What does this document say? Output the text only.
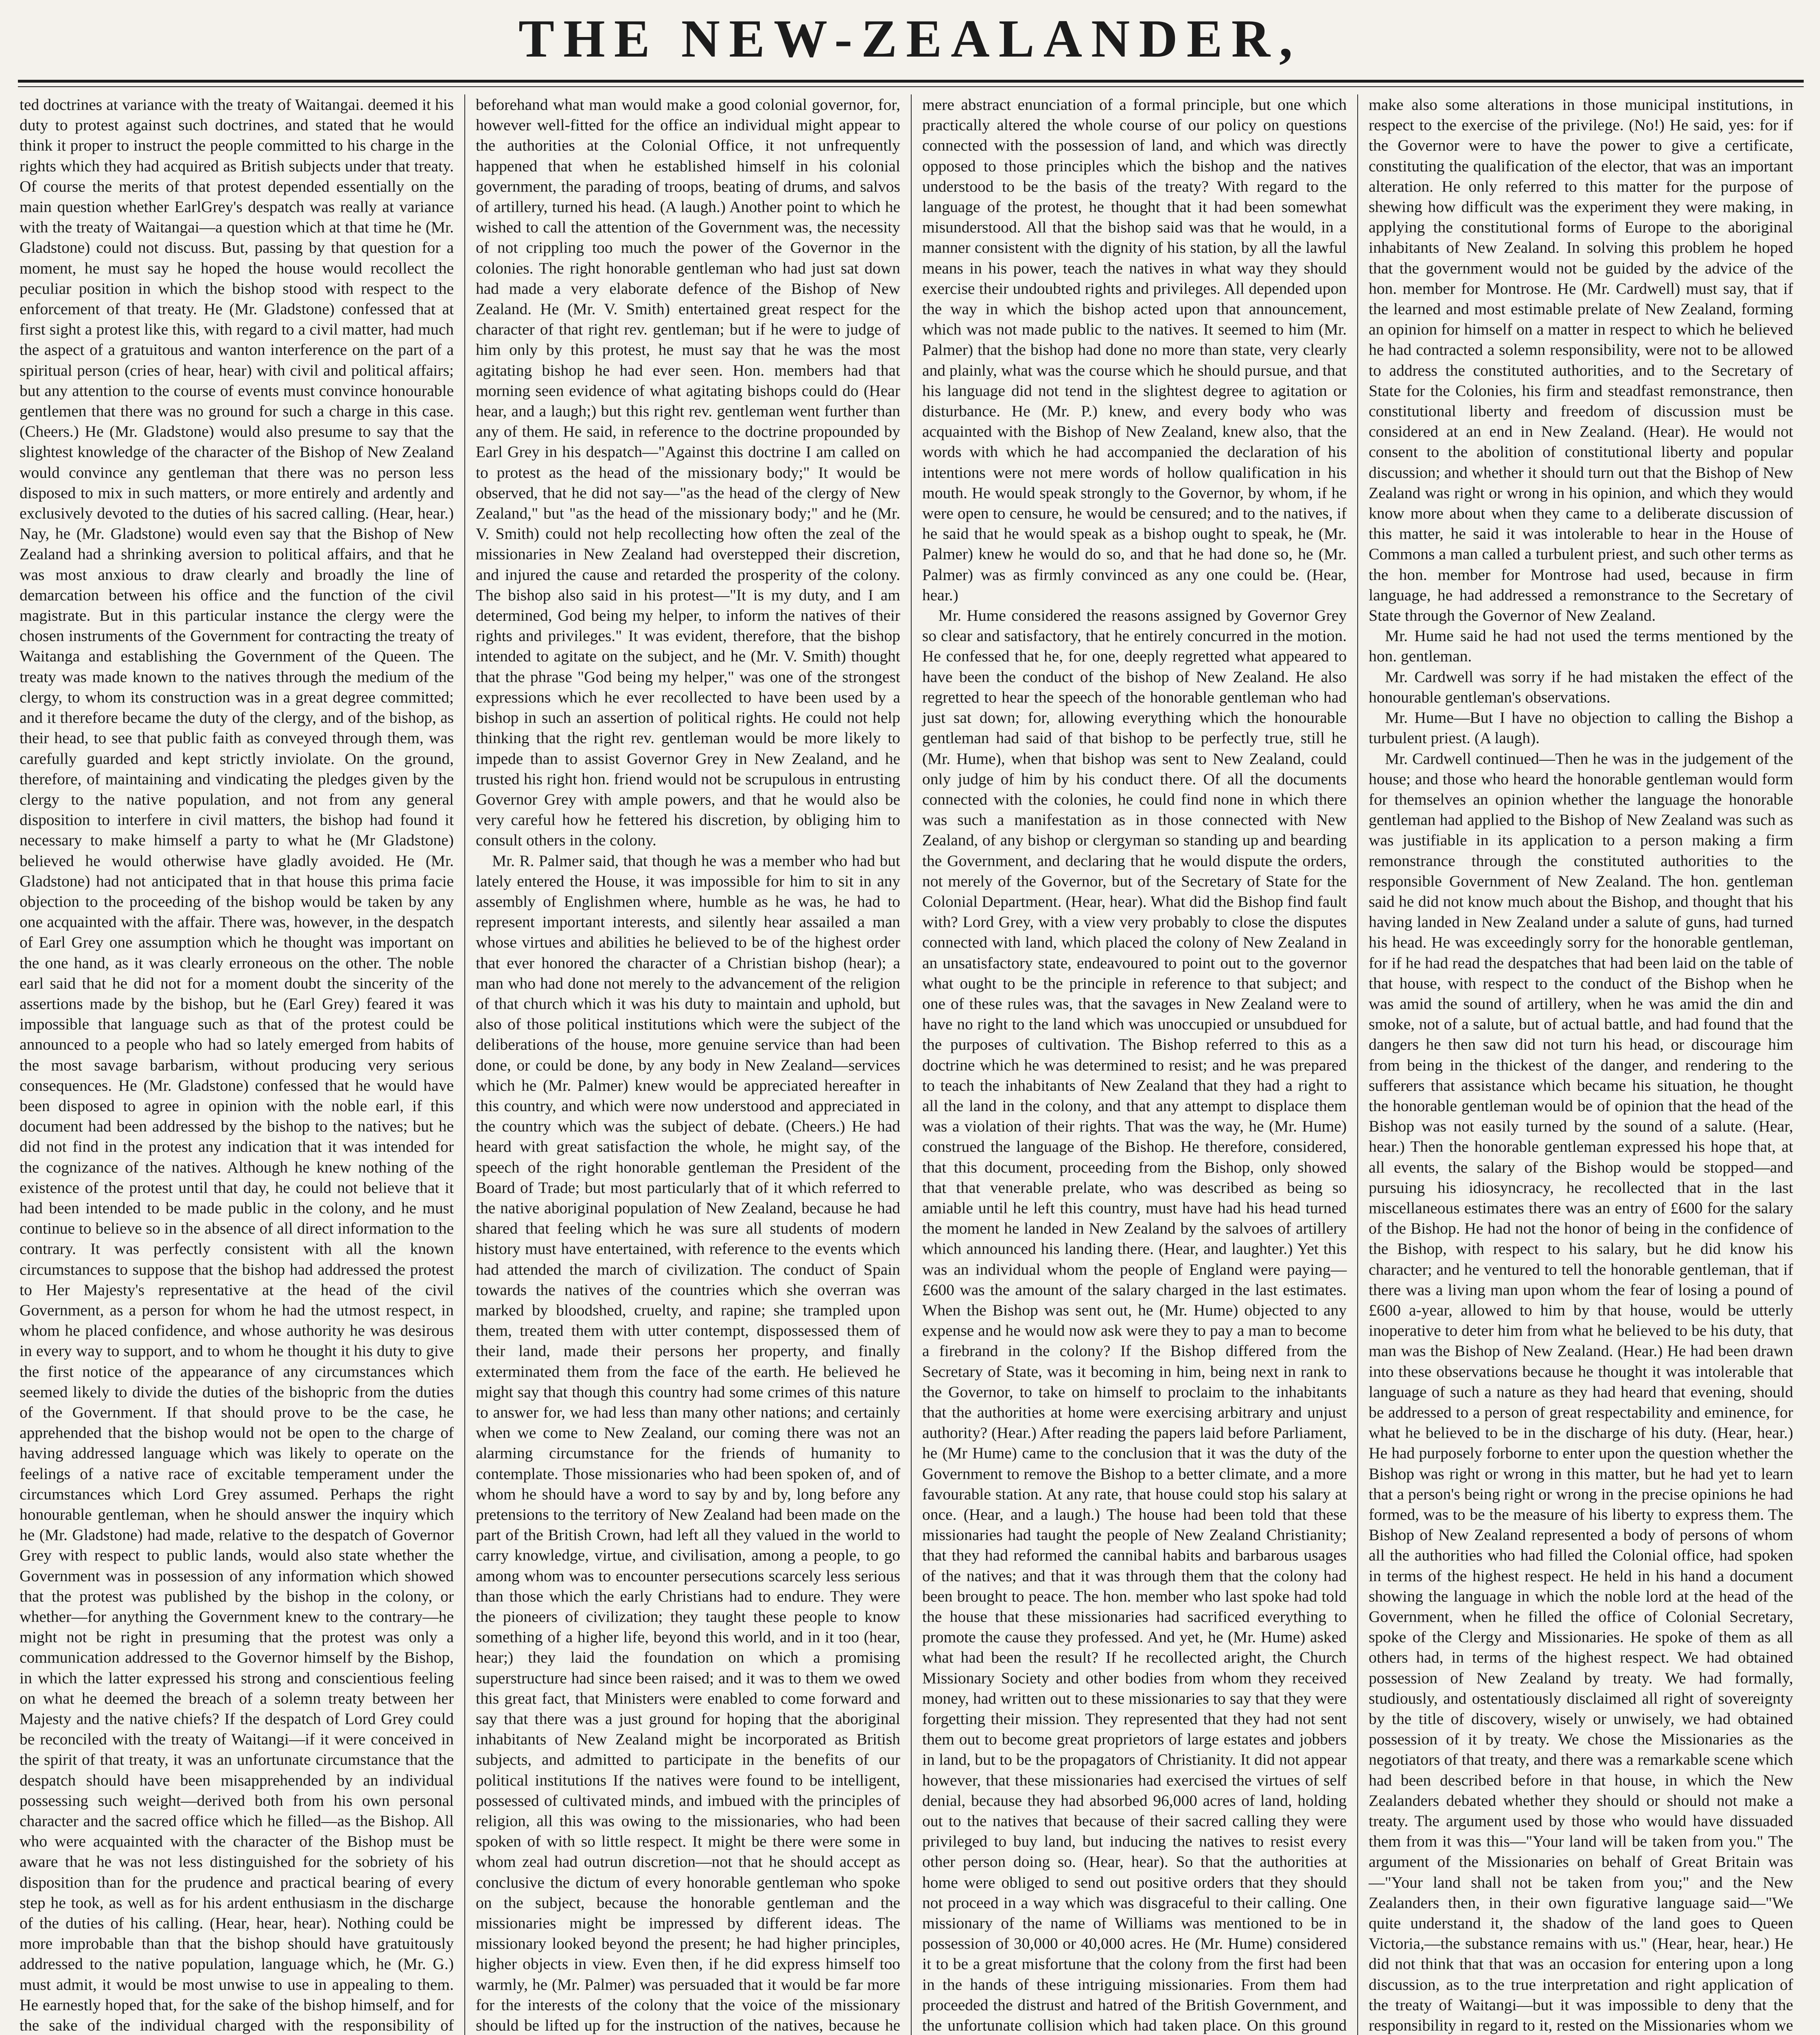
THE NEW-ZEALANDER,

ted doctrines at variance with the treaty of Waitangai. deemed it his duty to protest against such doctrines, and stated that he would think it proper to instruct the people committed to his charge in the rights which they had acquired as British subjects under that treaty. Of course the merits of that protest depended essentially on the main question whether EarlGrey's despatch was really at variance with the treaty of Waitangai—a question which at that time he (Mr. Gladstone) could not discuss. But, passing by that question for a moment, he must say he hoped the house would recollect the peculiar position in which the bishop stood with respect to the enforcement of that treaty. He (Mr. Gladstone) confessed that at first sight a protest like this, with regard to a civil matter, had much the aspect of a gratuitous and wanton interference on the part of a spiritual person (cries of hear, hear) with civil and political affairs; but any attention to the course of events must convince honourable gentlemen that there was no ground for such a charge in this case. (Cheers.) He (Mr. Gladstone) would also presume to say that the slightest knowledge of the character of the Bishop of New Zealand would convince any gentleman that there was no person less disposed to mix in such matters, or more entirely and ardently and exclusively devoted to the duties of his sacred calling. (Hear, hear.) Nay, he (Mr. Gladstone) would even say that the Bishop of New Zealand had a shrinking aversion to political affairs, and that he was most anxious to draw clearly and broadly the line of demarcation between his office and the function of the civil magistrate. But in this particular instance the clergy were the chosen instruments of the Government for contracting the treaty of Waitanga and establishing the Government of the Queen. The treaty was made known to the natives through the medium of the clergy, to whom its construction was in a great degree committed; and it therefore became the duty of the clergy, and of the bishop, as their head, to see that public faith as conveyed through them, was carefully guarded and kept strictly inviolate. On the ground, therefore, of maintaining and vindicating the pledges given by the clergy to the native population, and not from any general disposition to interfere in civil matters, the bishop had found it necessary to make himself a party to what he (Mr Gladstone) believed he would otherwise have gladly avoided. He (Mr. Gladstone) had not anticipated that in that house this prima facie objection to the proceeding of the bishop would be taken by any one acquainted with the affair. There was, however, in the despatch of Earl Grey one assumption which he thought was important on the one hand, as it was clearly erroneous on the other. The noble earl said that he did not for a moment doubt the sincerity of the assertions made by the bishop, but he (Earl Grey) feared it was impossible that language such as that of the protest could be announced to a people who had so lately emerged from habits of the most savage barbarism, without producing very serious consequences. He (Mr. Gladstone) confessed that he would have been disposed to agree in opinion with the noble earl, if this document had been addressed by the bishop to the natives; but he did not find in the protest any indication that it was intended for the cognizance of the natives. Although he knew nothing of the existence of the protest until that day, he could not believe that it had been intended to be made public in the colony, and he must continue to believe so in the absence of all direct information to the contrary. It was perfectly consistent with all the known circumstances to suppose that the bishop had addressed the protest to Her Majesty's representative at the head of the civil Government, as a person for whom he had the utmost respect, in whom he placed confidence, and whose authority he was desirous in every way to support, and to whom he thought it his duty to give the first notice of the appearance of any circumstances which seemed likely to divide the duties of the bishopric from the duties of the Government. If that should prove to be the case, he apprehended that the bishop would not be open to the charge of having addressed language which was likely to operate on the feelings of a native race of excitable temperament under the circumstances which Lord Grey assumed. Perhaps the right honourable gentleman, when he should answer the inquiry which he (Mr. Gladstone) had made, relative to the despatch of Governor Grey with respect to public lands, would also state whether the Government was in possession of any information which showed that the protest was published by the bishop in the colony, or whether—for anything the Government knew to the contrary—he might not be right in presuming that the protest was only a communication addressed to the Governor himself by the Bishop, in which the latter expressed his strong and conscientious feeling on what he deemed the breach of a solemn treaty between her Majesty and the native chiefs? If the despatch of Lord Grey could be reconciled with the treaty of Waitangi—if it were conceived in the spirit of that treaty, it was an unfortunate circumstance that the despatch should have been misapprehended by an individual possessing such weight—derived both from his own personal character and the sacred office which he filled—as the Bishop. All who were acquainted with the character of the Bishop must be aware that he was not less distinguished for the sobriety of his disposition than for the prudence and practical bearing of every step he took, as well as for his ardent enthusiasm in the discharge of the duties of his calling. (Hear, hear, hear). Nothing could be more improbable than that the bishop should have gratuitously addressed to the native population, language which, he (Mr. G.) must admit, it would be most unwise to use in appealing to them. He earnestly hoped that, for the sake of the bishop himself, and for the sake of the individual charged with the responsibility of

beforehand what man would make a good colonial governor, for, however well-fitted for the office an individual might appear to the authorities at the Colonial Office, it not unfrequently happened that when he established himself in his colonial government, the parading of troops, beating of drums, and salvos of artillery, turned his head. (A laugh.) Another point to which he wished to call the attention of the Government was, the necessity of not crippling too much the power of the Governor in the colonies. The right honorable gentleman who had just sat down had made a very elaborate defence of the Bishop of New Zealand. He (Mr. V. Smith) entertained great respect for the character of that right rev. gentleman; but if he were to judge of him only by this protest, he must say that he was the most agitating bishop he had ever seen. Hon. members had that morning seen evidence of what agitating bishops could do (Hear hear, and a laugh;) but this right rev. gentleman went further than any of them. He said, in reference to the doctrine propounded by Earl Grey in his despatch—"Against this doctrine I am called on to protest as the head of the missionary body;" It would be observed, that he did not say—"as the head of the clergy of New Zealand," but "as the head of the missionary body;" and he (Mr. V. Smith) could not help recollecting how often the zeal of the missionaries in New Zealand had overstepped their discretion, and injured the cause and retarded the prosperity of the colony. The bishop also said in his protest—"It is my duty, and I am determined, God being my helper, to inform the natives of their rights and privileges." It was evident, therefore, that the bishop intended to agitate on the subject, and he (Mr. V. Smith) thought that the phrase "God being my helper," was one of the strongest expressions which he ever recollected to have been used by a bishop in such an assertion of political rights. He could not help thinking that the right rev. gentleman would be more likely to impede than to assist Governor Grey in New Zealand, and he trusted his right hon. friend would not be scrupulous in entrusting Governor Grey with ample powers, and that he would also be very careful how he fettered his discretion, by obliging him to consult others in the colony.

Mr. R. Palmer said, that though he was a member who had but lately entered the House, it was impossible for him to sit in any assembly of Englishmen where, humble as he was, he had to represent important interests, and silently hear assailed a man whose virtues and abilities he believed to be of the highest order that ever honored the character of a Christian bishop (hear); a man who had done not merely to the advancement of the religion of that church which it was his duty to maintain and uphold, but also of those political institutions which were the subject of the deliberations of the house, more genuine service than had been done, or could be done, by any body in New Zealand—services which he (Mr. Palmer) knew would be appreciated hereafter in this country, and which were now understood and appreciated in the country which was the subject of debate. (Cheers.) He had heard with great satisfaction the whole, he might say, of the speech of the right honorable gentleman the President of the Board of Trade; but most particularly that of it which referred to the native aboriginal population of New Zealand, because he had shared that feeling which he was sure all students of modern history must have entertained, with reference to the events which had attended the march of civilization. The conduct of Spain towards the natives of the countries which she overran was marked by bloodshed, cruelty, and rapine; she trampled upon them, treated them with utter contempt, dispossessed them of their land, made their persons her property, and finally exterminated them from the face of the earth. He believed he might say that though this country had some crimes of this nature to answer for, we had less than many other nations; and certainly when we come to New Zealand, our coming there was not an alarming circumstance for the friends of humanity to contemplate. Those missionaries who had been spoken of, and of whom he should have a word to say by and by, long before any pretensions to the territory of New Zealand had been made on the part of the British Crown, had left all they valued in the world to carry knowledge, virtue, and civilisation, among a people, to go among whom was to encounter persecutions scarcely less serious than those which the early Christians had to endure. They were the pioneers of civilization; they taught these people to know something of a higher life, beyond this world, and in it too (hear, hear;) they laid the foundation on which a promising superstructure had since been raised; and it was to them we owed this great fact, that Ministers were enabled to come forward and say that there was a just ground for hoping that the aboriginal inhabitants of New Zealand might be incorporated as British subjects, and admitted to participate in the benefits of our political institutions If the natives were found to be intelligent, possessed of cultivated minds, and imbued with the principles of religion, all this was owing to the missionaries, who had been spoken of with so little respect. It might be there were some in whom zeal had outrun discretion—not that he should accept as conclusive the dictum of every honorable gentleman who spoke on the subject, because the honorable gentleman and the missionaries might be impressed by different ideas. The missionary looked beyond the present; he had higher principles, higher objects in view. Even then, if he did express himself too warmly, he (Mr. Palmer) was persuaded that it would be far more for the interests of the colony that the voice of the missionary should be lifted up for the instruction of the natives, because he

mere abstract enunciation of a formal principle, but one which practically altered the whole course of our policy on questions connected with the possession of land, and which was directly opposed to those principles which the bishop and the natives understood to be the basis of the treaty? With regard to the language of the protest, he thought that it had been somewhat misunderstood. All that the bishop said was that he would, in a manner consistent with the dignity of his station, by all the lawful means in his power, teach the natives in what way they should exercise their undoubted rights and privileges. All depended upon the way in which the bishop acted upon that announcement, which was not made public to the natives. It seemed to him (Mr. Palmer) that the bishop had done no more than state, very clearly and plainly, what was the course which he should pursue, and that his language did not tend in the slightest degree to agitation or disturbance. He (Mr. P.) knew, and every body who was acquainted with the Bishop of New Zealand, knew also, that the words with which he had accompanied the declaration of his intentions were not mere words of hollow qualification in his mouth. He would speak strongly to the Governor, by whom, if he were open to censure, he would be censured; and to the natives, if he said that he would speak as a bishop ought to speak, he (Mr. Palmer) knew he would do so, and that he had done so, he (Mr. Palmer) was as firmly convinced as any one could be. (Hear, hear.)

Mr. Hume considered the reasons assigned by Governor Grey so clear and satisfactory, that he entirely concurred in the motion. He confessed that he, for one, deeply regretted what appeared to have been the conduct of the bishop of New Zealand. He also regretted to hear the speech of the honorable gentleman who had just sat down; for, allowing everything which the honourable gentleman had said of that bishop to be perfectly true, still he (Mr. Hume), when that bishop was sent to New Zealand, could only judge of him by his conduct there. Of all the documents connected with the colonies, he could find none in which there was such a manifestation as in those connected with New Zealand, of any bishop or clergyman so standing up and bearding the Government, and declaring that he would dispute the orders, not merely of the Governor, but of the Secretary of State for the Colonial Department. (Hear, hear). What did the Bishop find fault with? Lord Grey, with a view very probably to close the disputes connected with land, which placed the colony of New Zealand in an unsatisfactory state, endeavoured to point out to the governor what ought to be the principle in reference to that subject; and one of these rules was, that the savages in New Zealand were to have no right to the land which was unoccupied or unsubdued for the purposes of cultivation. The Bishop referred to this as a doctrine which he was determined to resist; and he was prepared to teach the inhabitants of New Zealand that they had a right to all the land in the colony, and that any attempt to displace them was a violation of their rights. That was the way, he (Mr. Hume) construed the language of the Bishop. He therefore, considered, that this document, proceeding from the Bishop, only showed that that venerable prelate, who was described as being so amiable until he left this country, must have had his head turned the moment he landed in New Zealand by the salvoes of artillery which announced his landing there. (Hear, and laughter.) Yet this was an individual whom the people of England were paying—£600 was the amount of the salary charged in the last estimates. When the Bishop was sent out, he (Mr. Hume) objected to any expense and he would now ask were they to pay a man to become a firebrand in the colony? If the Bishop differed from the Secretary of State, was it becoming in him, being next in rank to the Governor, to take on himself to proclaim to the inhabitants that the authorities at home were exercising arbitrary and unjust authority? (Hear.) After reading the papers laid before Parliament, he (Mr Hume) came to the conclusion that it was the duty of the Government to remove the Bishop to a better climate, and a more favourable station. At any rate, that house could stop his salary at once. (Hear, and a laugh.) The house had been told that these missionaries had taught the people of New Zealand Christianity; that they had reformed the cannibal habits and barbarous usages of the natives; and that it was through them that the colony had been brought to peace. The hon. member who last spoke had told the house that these missionaries had sacrificed everything to promote the cause they professed. And yet, he (Mr. Hume) asked what had been the result? If he recollected aright, the Church Missionary Society and other bodies from whom they received money, had written out to these missionaries to say that they were forgetting their mission. They represented that they had not sent them out to become great proprietors of large estates and jobbers in land, but to be the propagators of Christianity. It did not appear however, that these missionaries had exercised the virtues of self denial, because they had absorbed 96,000 acres of land, holding out to the natives that because of their sacred calling they were privileged to buy land, but inducing the natives to resist every other person doing so. (Hear, hear). So that the authorities at home were obliged to send out positive orders that they should not proceed in a way which was disgraceful to their calling. One missionary of the name of Williams was mentioned to be in possession of 30,000 or 40,000 acres. He (Mr. Hume) considered it to be a great misfortune that the colony from the first had been in the hands of these intriguing missionaries. From them had proceeded the distrust and hatred of the British Government, and the unfortunate collision which had taken place. On this ground

make also some alterations in those municipal institutions, in respect to the exercise of the privilege. (No!) He said, yes: for if the Governor were to have the power to give a certificate, constituting the qualification of the elector, that was an important alteration. He only referred to this matter for the purpose of shewing how difficult was the experiment they were making, in applying the constitutional forms of Europe to the aboriginal inhabitants of New Zealand. In solving this problem he hoped that the government would not be guided by the advice of the hon. member for Montrose. He (Mr. Cardwell) must say, that if the learned and most estimable prelate of New Zealand, forming an opinion for himself on a matter in respect to which he believed he had contracted a solemn responsibility, were not to be allowed to address the constituted authorities, and to the Secretary of State for the Colonies, his firm and steadfast remonstrance, then constitutional liberty and freedom of discussion must be considered at an end in New Zealand. (Hear). He would not consent to the abolition of constitutional liberty and popular discussion; and whether it should turn out that the Bishop of New Zealand was right or wrong in his opinion, and which they would know more about when they came to a deliberate discussion of this matter, he said it was intolerable to hear in the House of Commons a man called a turbulent priest, and such other terms as the hon. member for Montrose had used, because in firm language, he had addressed a remonstrance to the Secretary of State through the Governor of New Zealand.

Mr. Hume said he had not used the terms mentioned by the hon. gentleman.

Mr. Cardwell was sorry if he had mistaken the effect of the honourable gentleman's observations.

Mr. Hume—But I have no objection to calling the Bishop a turbulent priest. (A laugh).

Mr. Cardwell continued—Then he was in the judgement of the house; and those who heard the honorable gentleman would form for themselves an opinion whether the language the honorable gentleman had applied to the Bishop of New Zealand was such as was justifiable in its application to a person making a firm remonstrance through the constituted authorities to the responsible Government of New Zealand. The hon. gentleman said he did not know much about the Bishop, and thought that his having landed in New Zealand under a salute of guns, had turned his head. He was exceedingly sorry for the honorable gentleman, for if he had read the despatches that had been laid on the table of that house, with respect to the conduct of the Bishop when he was amid the sound of artillery, when he was amid the din and smoke, not of a salute, but of actual battle, and had found that the dangers he then saw did not turn his head, or discourage him from being in the thickest of the danger, and rendering to the sufferers that assistance which became his situation, he thought the honorable gentleman would be of opinion that the head of the Bishop was not easily turned by the sound of a salute. (Hear, hear.) Then the honorable gentleman expressed his hope that, at all events, the salary of the Bishop would be stopped—and pursuing his idiosyncracy, he recollected that in the last miscellaneous estimates there was an entry of £600 for the salary of the Bishop. He had not the honor of being in the confidence of the Bishop, with respect to his salary, but he did know his character; and he ventured to tell the honorable gentleman, that if there was a living man upon whom the fear of losing a pound of £600 a-year, allowed to him by that house, would be utterly inoperative to deter him from what he believed to be his duty, that man was the Bishop of New Zealand. (Hear.) He had been drawn into these observations because he thought it was intolerable that language of such a nature as they had heard that evening, should be addressed to a person of great respectability and eminence, for what he believed to be in the discharge of his duty. (Hear, hear.) He had purposely forborne to enter upon the question whether the Bishop was right or wrong in this matter, but he had yet to learn that a person's being right or wrong in the precise opinions he had formed, was to be the measure of his liberty to express them. The Bishop of New Zealand represented a body of persons of whom all the authorities who had filled the Colonial office, had spoken in terms of the highest respect. He held in his hand a document showing the language in which the noble lord at the head of the Government, when he filled the office of Colonial Secretary, spoke of the Clergy and Missionaries. He spoke of them as all others had, in terms of the highest respect. We had obtained possession of New Zealand by treaty. We had formally, studiously, and ostentatiously disclaimed all right of sovereignty by the title of discovery, wisely or unwisely, we had obtained possession of it by treaty. We chose the Missionaries as the negotiators of that treaty, and there was a remarkable scene which had been described before in that house, in which the New Zealanders debated whether they should or should not make a treaty. The argument used by those who would have dissuaded them from it was this—"Your land will be taken from you." The argument of the Missionaries on behalf of Great Britain was—"Your land shall not be taken from you;" and the New Zealanders then, in their own figurative language said—"We quite understand it, the shadow of the land goes to Queen Victoria,—the substance remains with us." (Hear, hear, hear.) He did not think that that was an occasion for entering upon a long discussion, as to the true interpretation and right application of the treaty of Waitangi—but it was impossible to deny that the responsibility in regard to it, rested on the Missionaries whom we
